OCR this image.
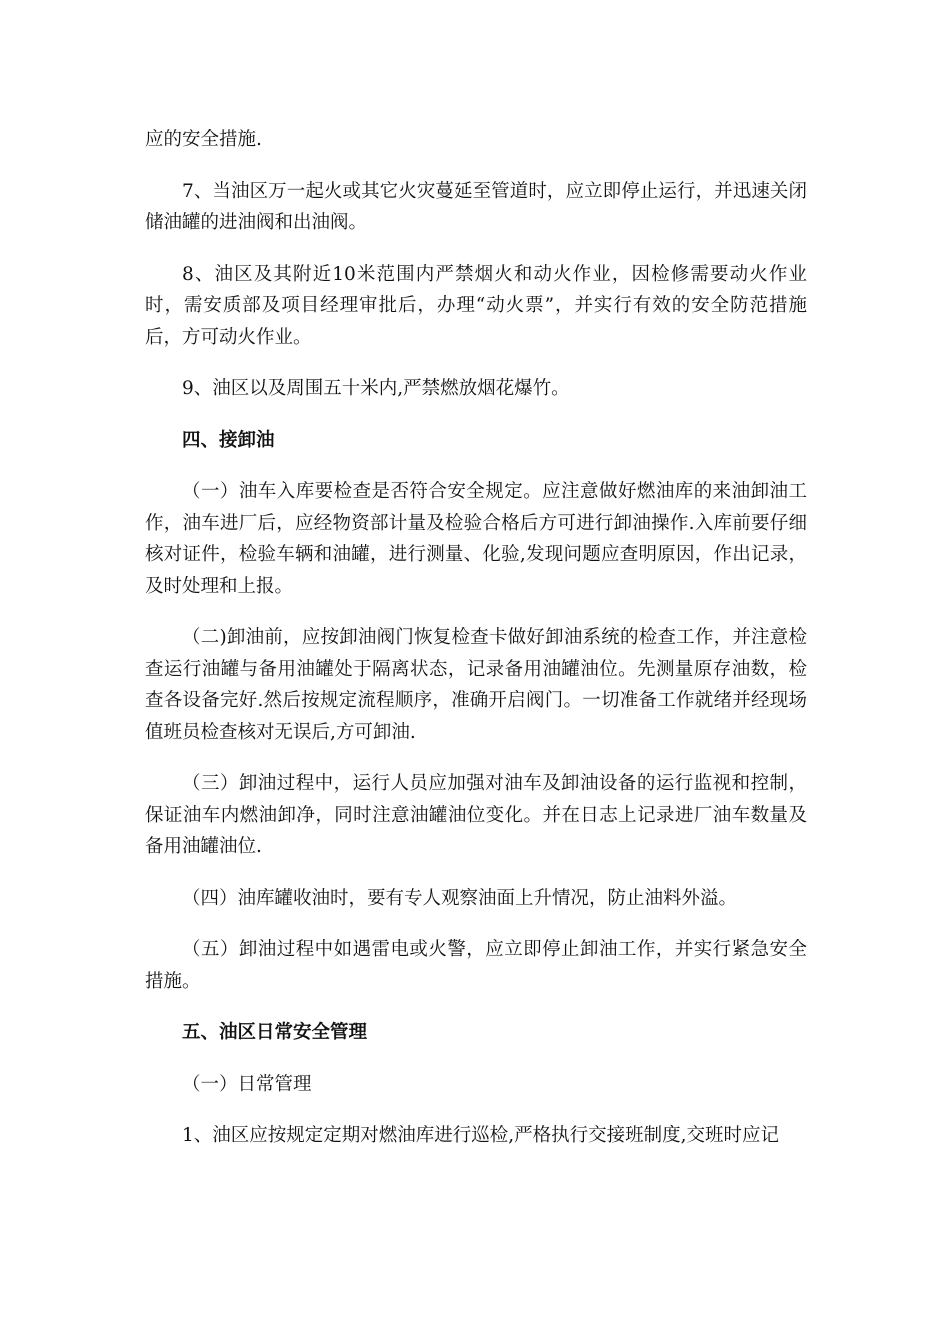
应的安全措施.

7、当油区万一起火或其它火灾蔓延至管道时，应立即停止运行，并迅速关闭储油罐的进油阀和出油阀。

8、油区及其附近10米范围内严禁烟火和动火作业，因检修需要动火作业时，需安质部及项目经理审批后，办理“动火票”，并实行有效的安全防范措施后，方可动火作业。

9、油区以及周围五十米内,严禁燃放烟花爆竹。

四、接卸油

（一）油车入库要检查是否符合安全规定。应注意做好燃油库的来油卸油工作，油车进厂后，应经物资部计量及检验合格后方可进行卸油操作.入库前要仔细核对证件，检验车辆和油罐，进行测量、化验,发现问题应查明原因，作出记录，及时处理和上报。

（二)卸油前，应按卸油阀门恢复检查卡做好卸油系统的检查工作，并注意检查运行油罐与备用油罐处于隔离状态，记录备用油罐油位。先测量原存油数，检查各设备完好.然后按规定流程顺序，准确开启阀门。一切准备工作就绪并经现场值班员检查核对无误后,方可卸油.

（三）卸油过程中，运行人员应加强对油车及卸油设备的运行监视和控制，保证油车内燃油卸净，同时注意油罐油位变化。并在日志上记录进厂油车数量及备用油罐油位.

（四）油库罐收油时，要有专人观察油面上升情况，防止油料外溢。

（五）卸油过程中如遇雷电或火警，应立即停止卸油工作，并实行紧急安全措施。

五、油区日常安全管理

（一）日常管理

1、油区应按规定定期对燃油库进行巡检,严格执行交接班制度,交班时应记
